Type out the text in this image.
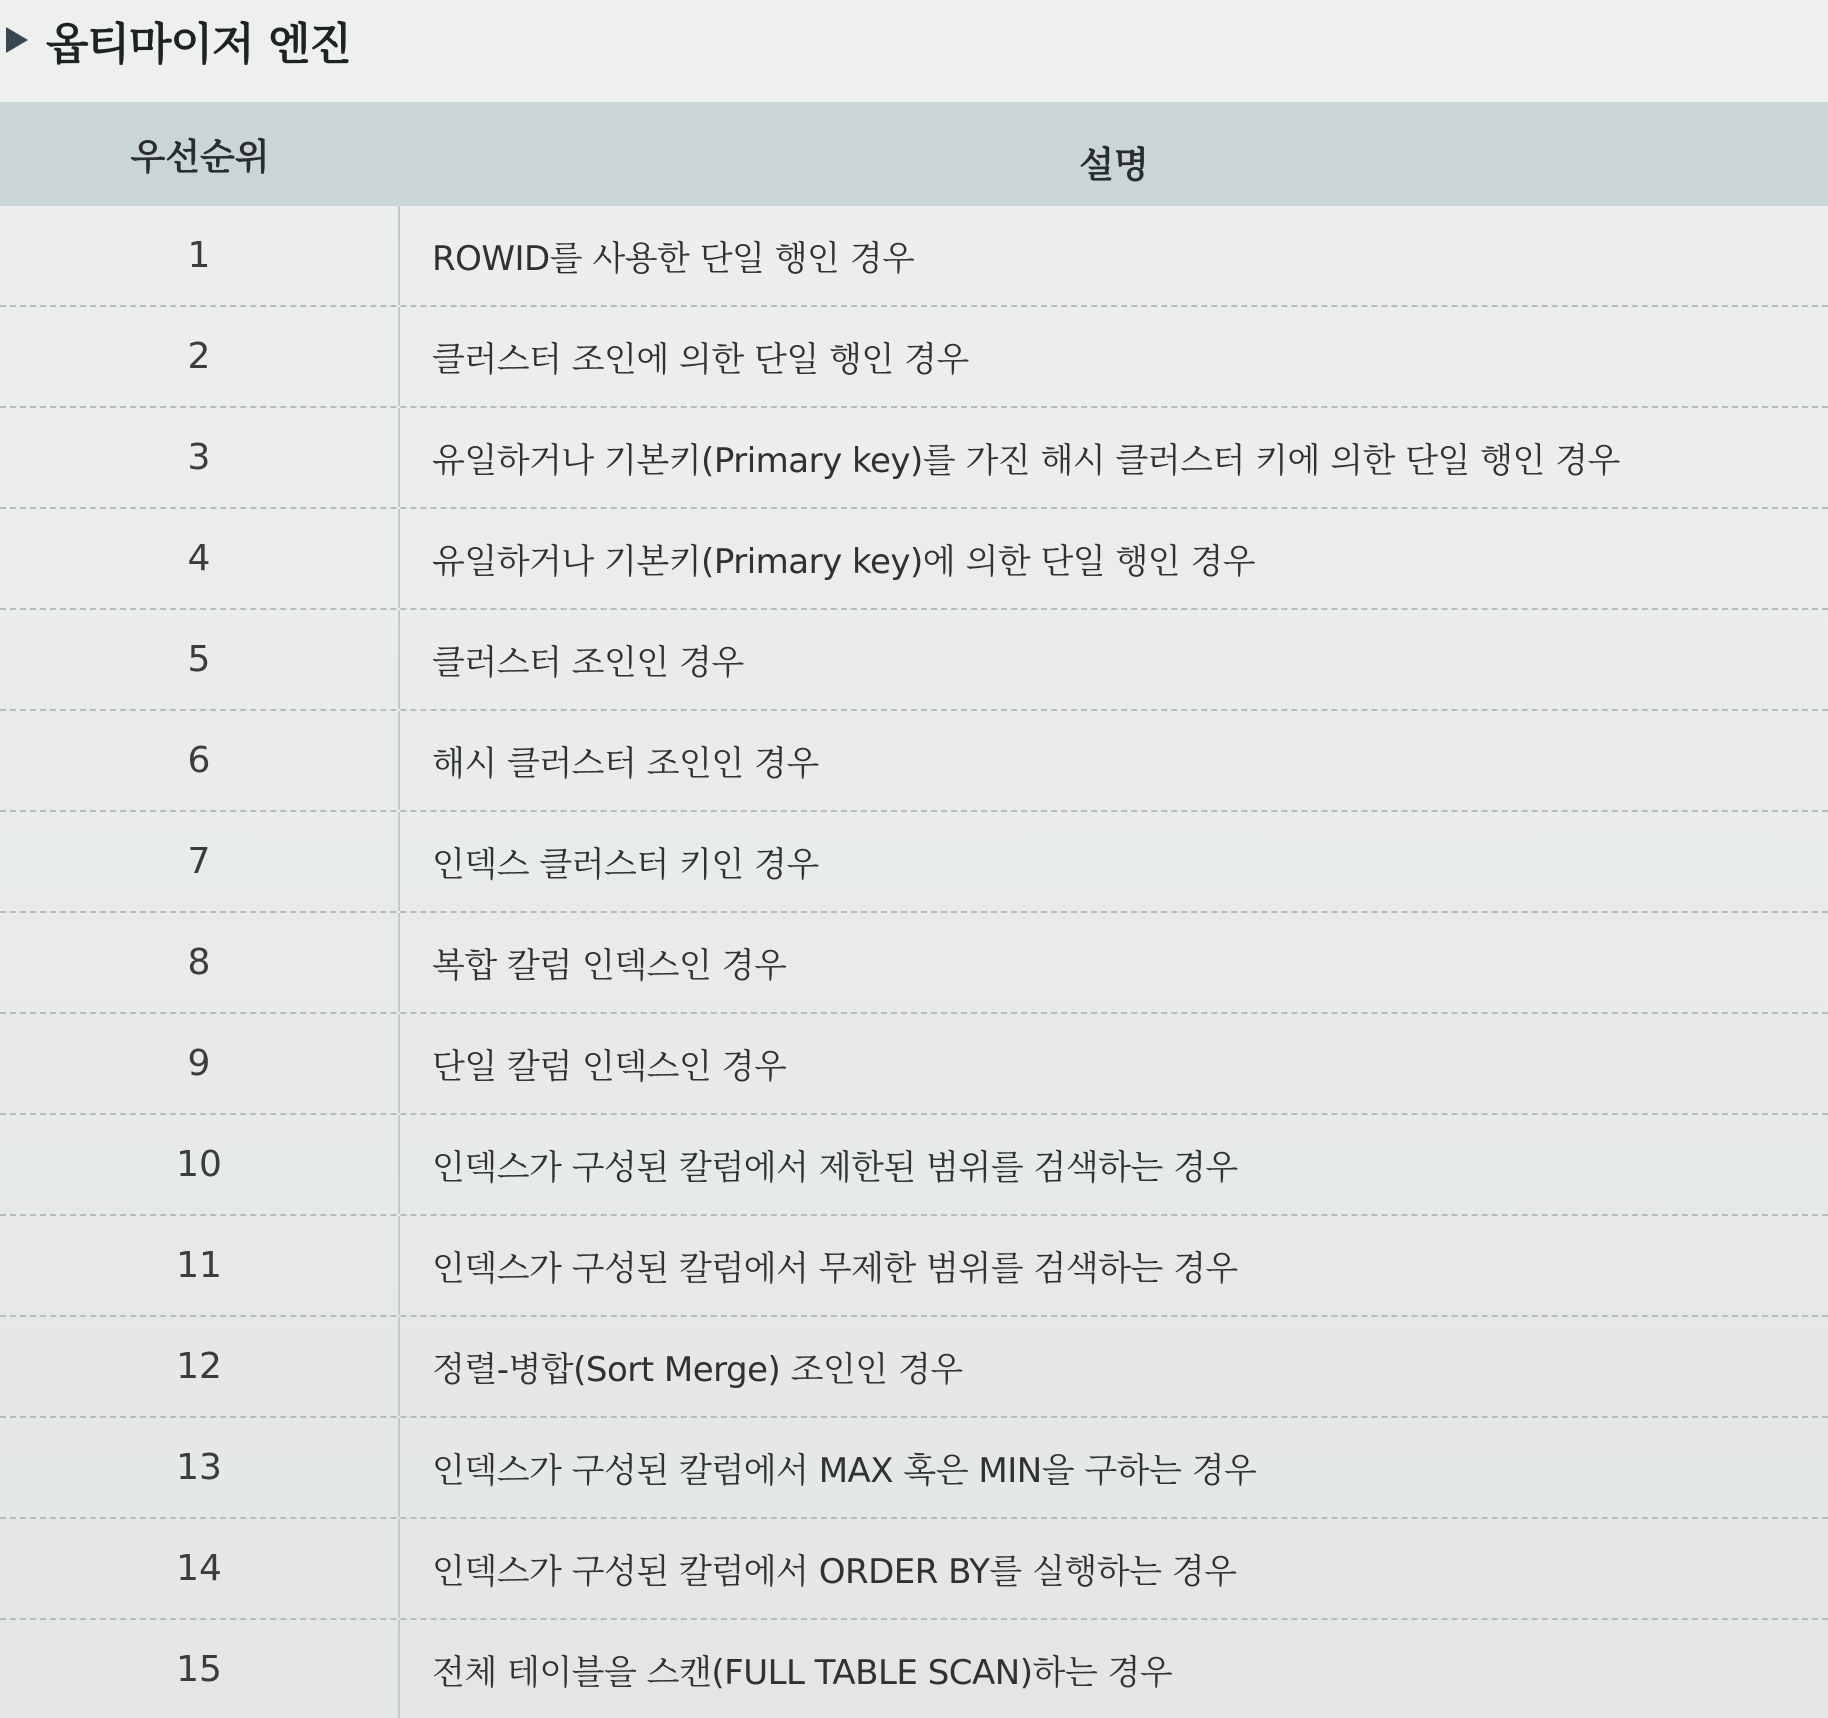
옵티마이저 엔진
우선순위	설명
1	ROWID를 사용한 단일 행인 경우
2	클러스터 조인에 의한 단일 행인 경우
3	유일하거나 기본키(Primary key)를 가진 해시 클러스터 키에 의한 단일 행인 경우
4	유일하거나 기본키(Primary key)에 의한 단일 행인 경우
5	클러스터 조인인 경우
6	해시 클러스터 조인인 경우
7	인덱스 클러스터 키인 경우
8	복합 칼럼 인덱스인 경우
9	단일 칼럼 인덱스인 경우
10	인덱스가 구성된 칼럼에서 제한된 범위를 검색하는 경우
11	인덱스가 구성된 칼럼에서 무제한 범위를 검색하는 경우
12	정렬-병합(Sort Merge) 조인인 경우
13	인덱스가 구성된 칼럼에서 MAX 혹은 MIN을 구하는 경우
14	인덱스가 구성된 칼럼에서 ORDER BY를 실행하는 경우
15	전체 테이블을 스캔(FULL TABLE SCAN)하는 경우
